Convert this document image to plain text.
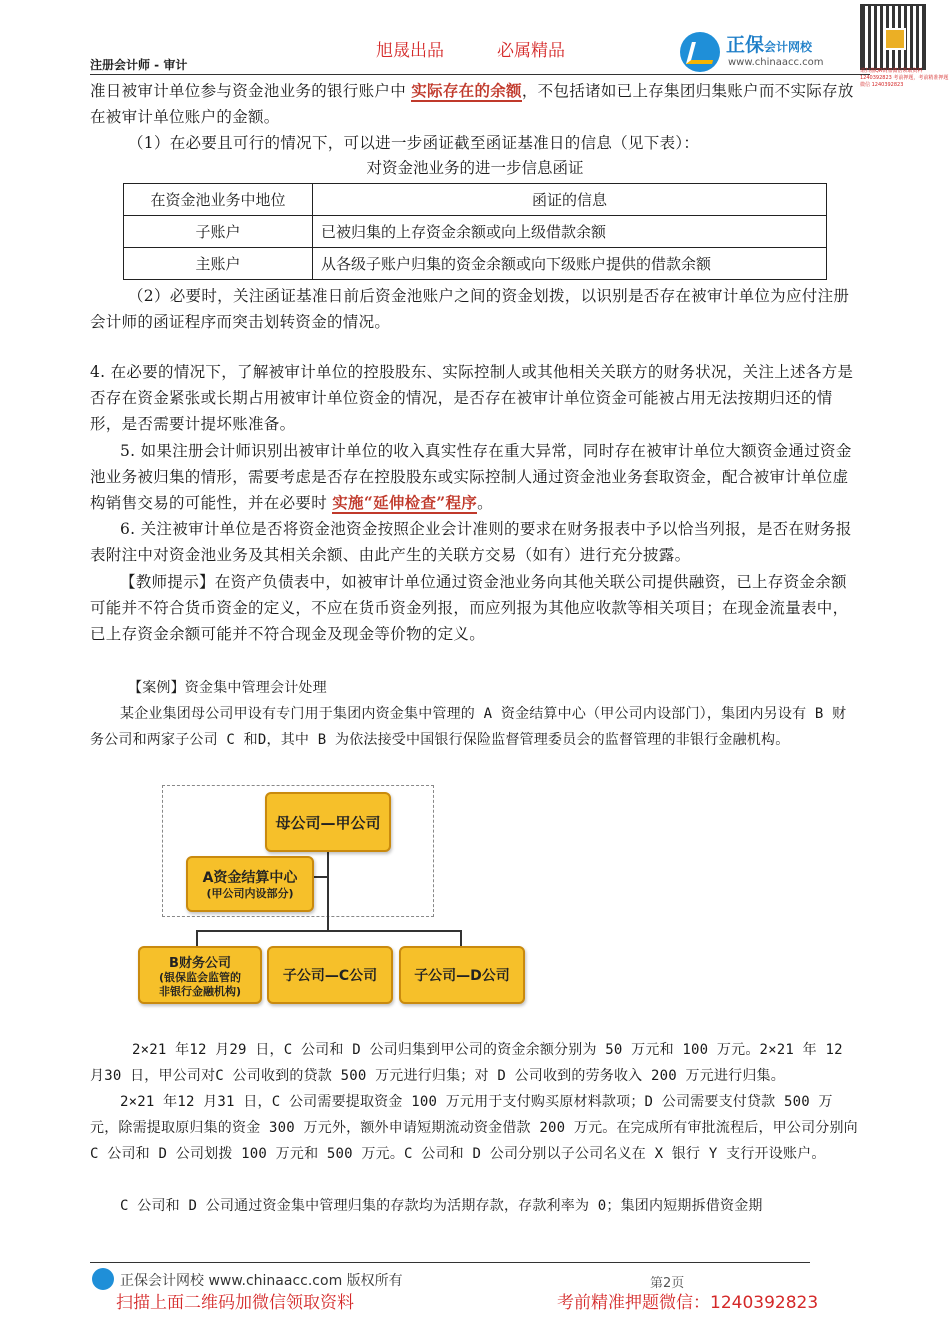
旭晟出品	必属精品
注册会计师 - 审计
正保会计网校
www.chinaacc.com
请扫描QR码加微信领取资料 1240392823 考前押题，考前精准押题微信 1240392823
准日被审计单位参与资金池业务的银行账户中 实际存在的余额，不包括诸如已上存集团归集账户而不实际存放在被审计单位账户的金额。
（1）在必要且可行的情况下，可以进一步函证截至函证基准日的信息（见下表）：
对资金池业务的进一步信息函证
在资金池业务中地位	函证的信息
子账户	已被归集的上存资金余额或向上级借款余额
主账户	从各级子账户归集的资金余额或向下级账户提供的借款余额
（2）必要时，关注函证基准日前后资金池账户之间的资金划拨，以识别是否存在被审计单位为应付注册会计师的函证程序而突击划转资金的情况。
4. 在必要的情况下，了解被审计单位的控股股东、实际控制人或其他相关关联方的财务状况，关注上述各方是否存在资金紧张或长期占用被审计单位资金的情况，是否存在被审计单位资金可能被占用无法按期归还的情形，是否需要计提坏账准备。
5. 如果注册会计师识别出被审计单位的收入真实性存在重大异常，同时存在被审计单位大额资金通过资金池业务被归集的情形，需要考虑是否存在控股股东或实际控制人通过资金池业务套取资金，配合被审计单位虚构销售交易的可能性，并在必要时 实施“延伸检查”程序。
6. 关注被审计单位是否将资金池资金按照企业会计准则的要求在财务报表中予以恰当列报，是否在财务报表附注中对资金池业务及其相关余额、由此产生的关联方交易（如有）进行充分披露。
【教师提示】在资产负债表中，如被审计单位通过资金池业务向其他关联公司提供融资，已上存资金余额可能并不符合货币资金的定义，不应在货币资金列报，而应列报为其他应收款等相关项目；在现金流量表中，已上存资金余额可能并不符合现金及现金等价物的定义。
【案例】资金集中管理会计处理
某企业集团母公司甲设有专门用于集团内资金集中管理的 A 资金结算中心（甲公司内设部门），集团内另设有 B 财务公司和两家子公司 C 和D，其中 B 为依法接受中国银行保险监督管理委员会的监督管理的非银行金融机构。
母公司—甲公司
A资金结算中心
(甲公司内设部分)
B财务公司
(银保监会监管的
非银行金融机构)
子公司—C公司	子公司—D公司
2×21 年12 月29 日，C 公司和 D 公司归集到甲公司的资金余额分别为 50 万元和 100 万元。2×21 年 12 月30 日，甲公司对C 公司收到的贷款 500 万元进行归集；对 D 公司收到的劳务收入 200 万元进行归集。
2×21 年12 月31 日，C 公司需要提取资金 100 万元用于支付购买原材料款项；D 公司需要支付贷款 500 万元，除需提取原归集的资金 300 万元外，额外申请短期流动资金借款 200 万元。在完成所有审批流程后，甲公司分别向 C 公司和 D 公司划拨 100 万元和 500 万元。C 公司和 D 公司分别以子公司名义在 X 银行 Y 支行开设账户。
C 公司和 D 公司通过资金集中管理归集的存款均为活期存款，存款利率为 0；集团内短期拆借资金期
正保会计网校 www.chinaacc.com 版权所有	第2页
扫描上面二维码加微信领取资料	考前精准押题微信：1240392823
